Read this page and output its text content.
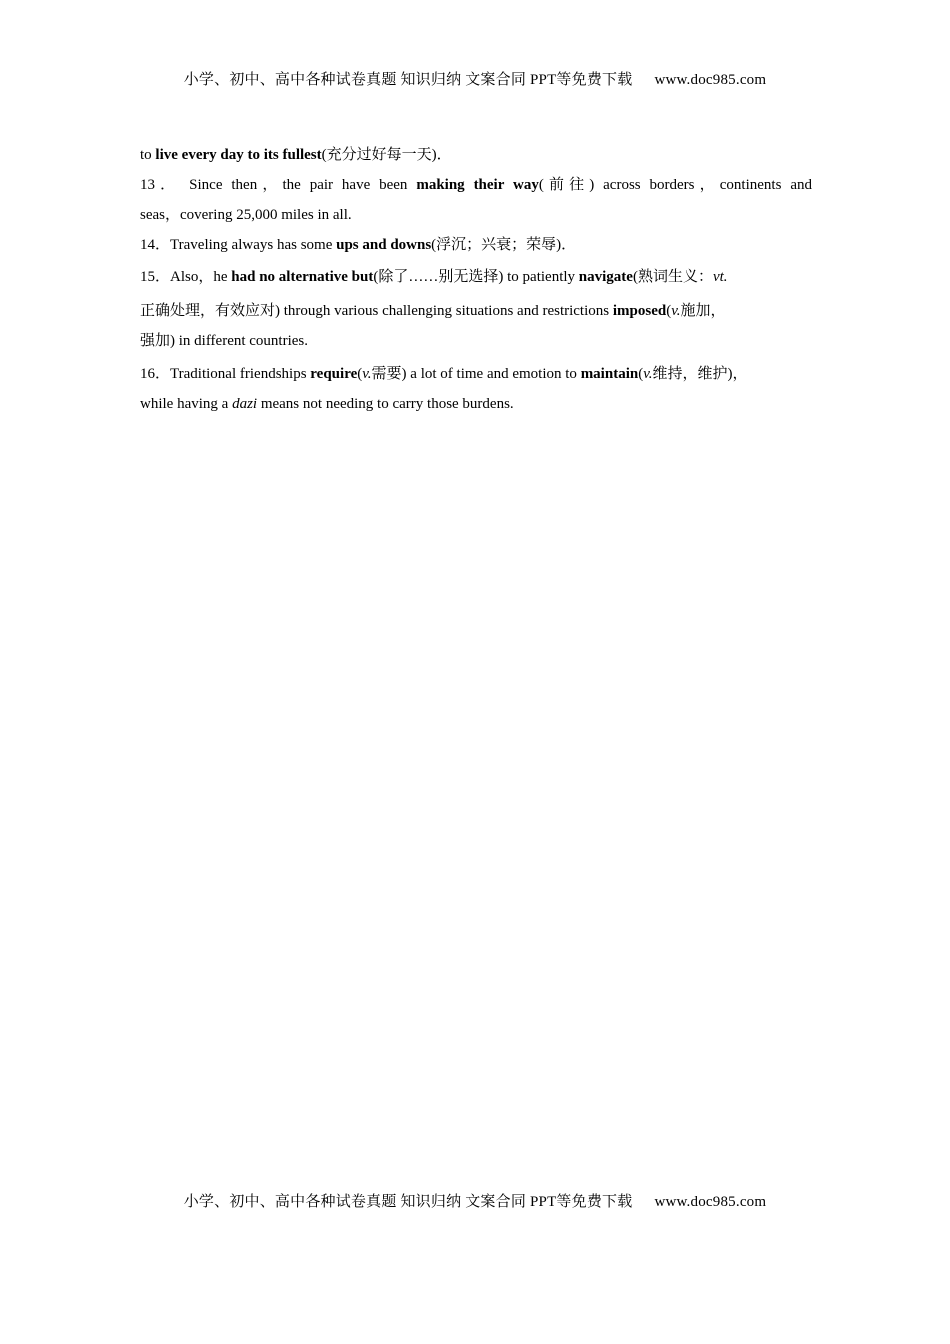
小学、初中、高中各种试卷真题 知识归纳 文案合同 PPT等免费下载 www.doc985.com
to live every day to its fullest(充分过好每一天)．
13． Since then，the pair have been making their way(前往) across borders，continents and
seas，covering 25,000 miles in all.
14．Traveling always has some ups and downs(浮沉；兴衰；荣辱)．
15．Also，he had no alternative but(除了……别无选择) to patiently navigate(熟词生义：vt.
正确处理，有效应对) through various challenging situations and restrictions imposed(v.施加，
强加) in different countries.
16．Traditional friendships require(v.需要) a lot of time and emotion to maintain(v.维持，维护)，
while having a dazi means not needing to carry those burdens.
小学、初中、高中各种试卷真题 知识归纳 文案合同 PPT等免费下载 www.doc985.com
